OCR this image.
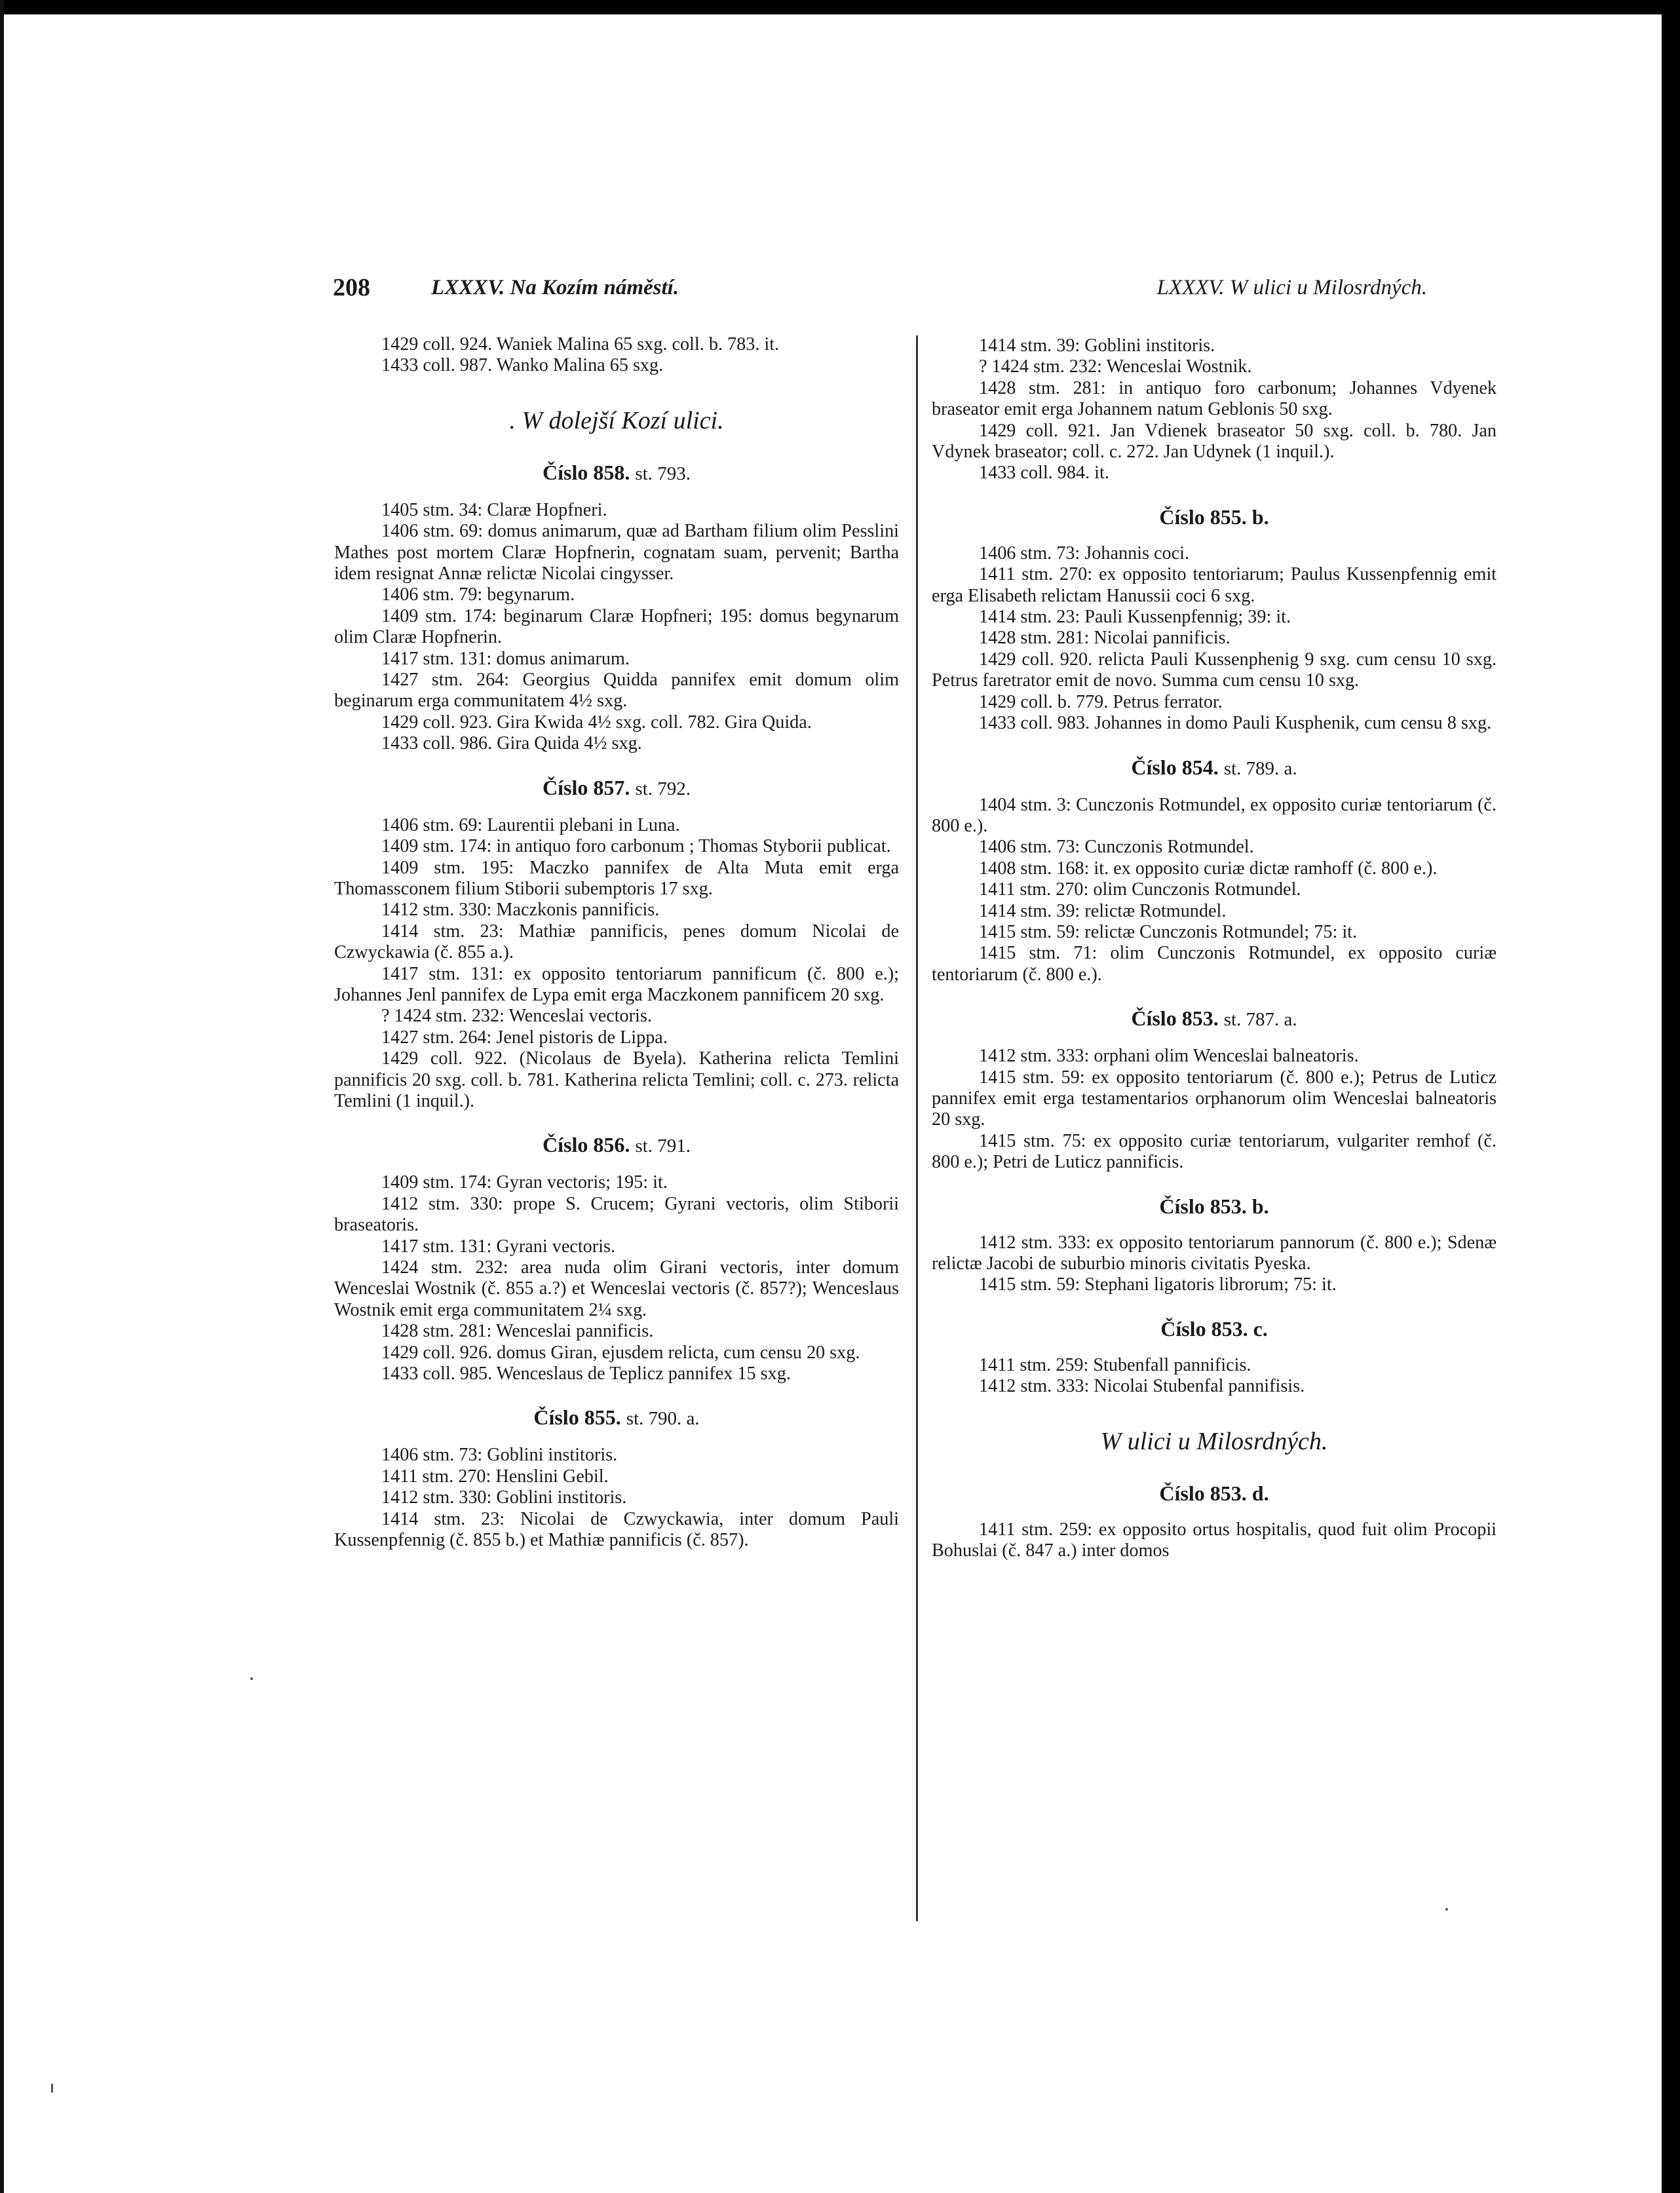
208	LXXXV. Na Kozím náměstí.	LXXXV. W ulici u Milosrdných.

1429 coll. 924. Waniek Malina 65 sxg. coll. b. 783. it.

1433 coll. 987. Wanko Malina 65 sxg.

. W dolejší Kozí ulici.
Číslo 858. st. 793.

1405 stm. 34: Claræ Hopfneri.

1406 stm. 69: domus animarum, quæ ad Bartham filium olim Pesslini Mathes post mortem Claræ Hopfnerin, cognatam suam, pervenit; Bartha idem resignat Annæ relictæ Nicolai cingysser.

1406 stm. 79: begynarum.

1409 stm. 174: beginarum Claræ Hopfneri; 195: domus begynarum olim Claræ Hopfnerin.

1417 stm. 131: domus animarum.

1427 stm. 264: Georgius Quidda pannifex emit domum olim beginarum erga communitatem 4½ sxg.

1429 coll. 923. Gira Kwida 4½ sxg. coll. 782. Gira Quida.

1433 coll. 986. Gira Quida 4½ sxg.

Číslo 857. st. 792.

1406 stm. 69: Laurentii plebani in Luna.

1409 stm. 174: in antiquo foro carbonum ; Thomas Styborii publicat.

1409 stm. 195: Maczko pannifex de Alta Muta emit erga Thomassconem filium Stiborii subemptoris 17 sxg.

1412 stm. 330: Maczkonis pannificis.

1414 stm. 23: Mathiæ pannificis, penes domum Nicolai de Czwyckawia (č. 855 a.).

1417 stm. 131: ex opposito tentoriarum pannificum (č. 800 e.); Johannes Jenl pannifex de Lypa emit erga Maczkonem pannificem 20 sxg.

? 1424 stm. 232: Wenceslai vectoris.

1427 stm. 264: Jenel pistoris de Lippa.

1429 coll. 922. (Nicolaus de Byela). Katherina relicta Temlini pannificis 20 sxg. coll. b. 781. Katherina relicta Temlini; coll. c. 273. relicta Temlini (1 inquil.).

Číslo 856. st. 791.

1409 stm. 174: Gyran vectoris; 195: it.

1412 stm. 330: prope S. Crucem; Gyrani vectoris, olim Stiborii braseatoris.

1417 stm. 131: Gyrani vectoris.

1424 stm. 232: area nuda olim Girani vectoris, inter domum Wenceslai Wostnik (č. 855 a.?) et Wenceslai vectoris (č. 857?); Wenceslaus Wostnik emit erga communitatem 2¼ sxg.

1428 stm. 281: Wenceslai pannificis.

1429 coll. 926. domus Giran, ejusdem relicta, cum censu 20 sxg.

1433 coll. 985. Wenceslaus de Teplicz pannifex 15 sxg.

Číslo 855. st. 790. a.

1406 stm. 73: Goblini institoris.

1411 stm. 270: Henslini Gebil.

1412 stm. 330: Goblini institoris.

1414 stm. 23: Nicolai de Czwyckawia, inter domum Pauli Kussenpfennig (č. 855 b.) et Mathiæ pannificis (č. 857).

1414 stm. 39: Goblini institoris.

? 1424 stm. 232: Wenceslai Wostnik.

1428 stm. 281: in antiquo foro carbonum; Johannes Vdyenek braseator emit erga Johannem natum Geblonis 50 sxg.

1429 coll. 921. Jan Vdienek braseator 50 sxg. coll. b. 780. Jan Vdynek braseator; coll. c. 272. Jan Udynek (1 inquil.).

1433 coll. 984. it.

Číslo 855. b.

1406 stm. 73: Johannis coci.

1411 stm. 270: ex opposito tentoriarum; Paulus Kussenpfennig emit erga Elisabeth relictam Hanussii coci 6 sxg.

1414 stm. 23: Pauli Kussenpfennig; 39: it.

1428 stm. 281: Nicolai pannificis.

1429 coll. 920. relicta Pauli Kussenphenig 9 sxg. cum censu 10 sxg. Petrus faretrator emit de novo. Summa cum censu 10 sxg.

1429 coll. b. 779. Petrus ferrator.

1433 coll. 983. Johannes in domo Pauli Kusphenik, cum censu 8 sxg.

Číslo 854. st. 789. a.

1404 stm. 3: Cunczonis Rotmundel, ex opposito curiæ tentoriarum (č. 800 e.).

1406 stm. 73: Cunczonis Rotmundel.

1408 stm. 168: it. ex opposito curiæ dictæ ramhoff (č. 800 e.).

1411 stm. 270: olim Cunczonis Rotmundel.

1414 stm. 39: relictæ Rotmundel.

1415 stm. 59: relictæ Cunczonis Rotmundel; 75: it.

1415 stm. 71: olim Cunczonis Rotmundel, ex opposito curiæ tentoriarum (č. 800 e.).

Číslo 853. st. 787. a.

1412 stm. 333: orphani olim Wenceslai balneatoris.

1415 stm. 59: ex opposito tentoriarum (č. 800 e.); Petrus de Luticz pannifex emit erga testamentarios orphanorum olim Wenceslai balneatoris 20 sxg.

1415 stm. 75: ex opposito curiæ tentoriarum, vulgariter remhof (č. 800 e.); Petri de Luticz pannificis.

Číslo 853. b.

1412 stm. 333: ex opposito tentoriarum pannorum (č. 800 e.); Sdenæ relictæ Jacobi de suburbio minoris civitatis Pyeska.

1415 stm. 59: Stephani ligatoris librorum; 75: it.

Číslo 853. c.

1411 stm. 259: Stubenfall pannificis.

1412 stm. 333: Nicolai Stubenfal pannifisis.

W ulici u Milosrdných.
Číslo 853. d.

1411 stm. 259: ex opposito ortus hospitalis, quod fuit olim Procopii Bohuslai (č. 847 a.) inter domos
